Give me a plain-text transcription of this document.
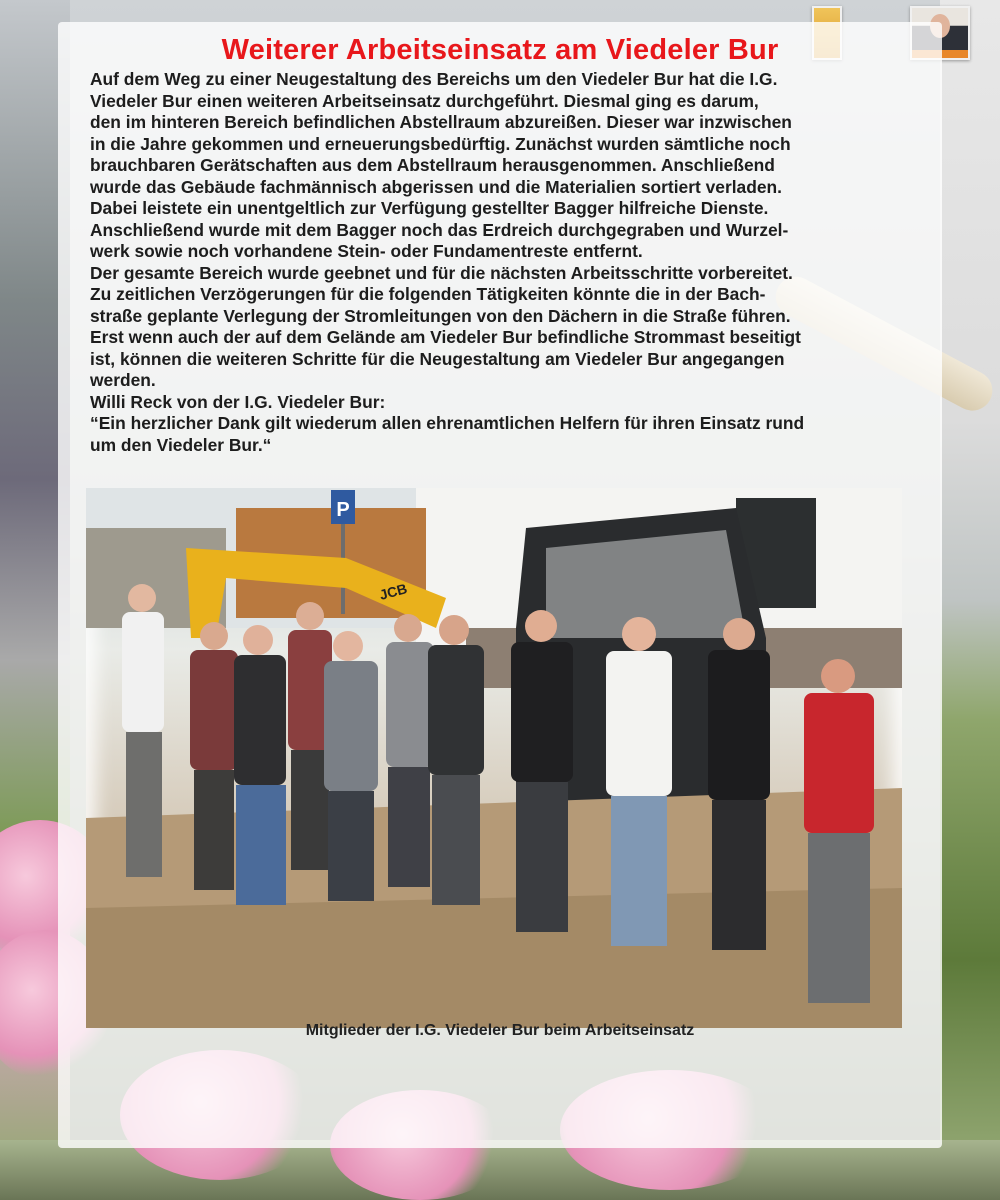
Weiterer Arbeitseinsatz am Viedeler Bur

Auf dem Weg zu einer Neugestaltung des Bereichs um den Viedeler Bur hat die I.G.
Viedeler Bur einen weiteren Arbeitseinsatz durchgeführt. Diesmal ging es darum,
den im hinteren Bereich befindlichen Abstellraum abzureißen. Dieser war inzwischen
in die Jahre gekommen und erneuerungsbedürftig. Zunächst wurden sämtliche noch
brauchbaren Gerätschaften aus dem Abstellraum herausgenommen. Anschließend
wurde das Gebäude fachmännisch abgerissen und die Materialien sortiert verladen.
Dabei leistete ein unentgeltlich zur Verfügung gestellter Bagger hilfreiche Dienste.
Anschließend wurde mit dem Bagger noch das Erdreich durchgegraben und Wurzel-
werk sowie noch vorhandene Stein- oder Fundamentreste entfernt.
Der gesamte Bereich wurde geebnet und für die nächsten Arbeitsschritte vorbereitet.
Zu zeitlichen Verzögerungen für die folgenden Tätigkeiten könnte die in der Bach-
straße geplante Verlegung der Stromleitungen von den Dächern in die Straße führen.
Erst wenn auch der auf dem Gelände am Viedeler Bur befindliche Strommast beseitigt
ist, können die weiteren Schritte für die Neugestaltung am Viedeler Bur angegangen
werden.
Willi Reck von der I.G. Viedeler Bur:
“Ein herzlicher Dank gilt wiederum allen ehrenamtlichen Helfern für ihren Einsatz rund
um den Viedeler Bur.“

P
JCB
Mitglieder der I.G. Viedeler Bur beim Arbeitseinsatz
